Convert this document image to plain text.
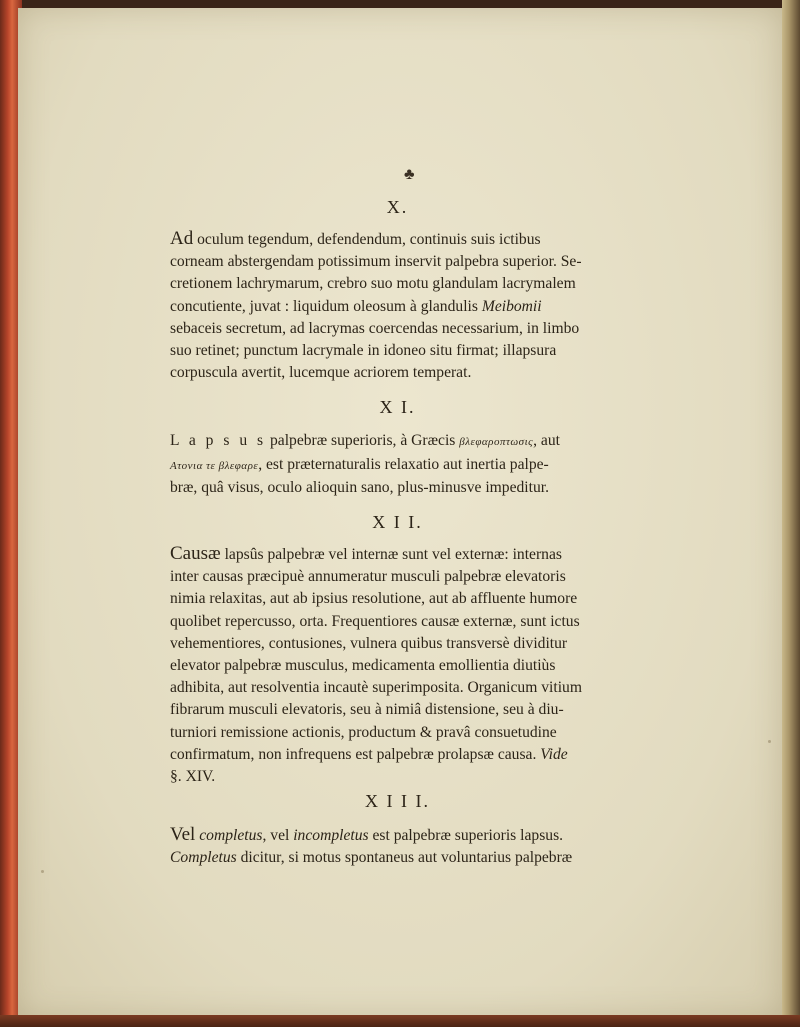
♣

X.

Ad oculum tegendum, defendendum, continuis suis ictibus
corneam abstergendam potissimum inservit palpebra superior. Se-
cretionem lachrymarum, crebro suo motu glandulam lacrymalem
concutiente, juvat : liquidum oleosum à glandulis Meibomii
sebaceis secretum, ad lacrymas coercendas necessarium, in limbo
suo retinet; punctum lacrymale in idoneo situ firmat; illapsura
corpuscula avertit, lucemque acriorem temperat.

X I.

L a p s u s palpebræ superioris, à Græcis βλεφαροπτωσις, aut
Ατονια τε βλεφαρε, est præternaturalis relaxatio aut inertia palpe-
bræ, quâ visus, oculo alioquin sano, plus-minusve impeditur.

X I I.

Causæ lapsûs palpebræ vel internæ sunt vel externæ: internas
inter causas præcipuè annumeratur musculi palpebræ elevatoris
nimia relaxitas, aut ab ipsius resolutione, aut ab affluente humore
quolibet repercusso, orta. Frequentiores causæ externæ, sunt ictus
vehementiores, contusiones, vulnera quibus transversè dividitur
elevator palpebræ musculus, medicamenta emollientia diutiùs
adhibita, aut resolventia incautè superimposita. Organicum vitium
fibrarum musculi elevatoris, seu à nimiâ distensione, seu à diu-
turniori remissione actionis, productum & pravâ consuetudine
confirmatum, non infrequens est palpebræ prolapsæ causa. Vide
§. XIV.

X I I I.

Vel completus, vel incompletus est palpebræ superioris lapsus.
Completus dicitur, si motus spontaneus aut voluntarius palpebræ
